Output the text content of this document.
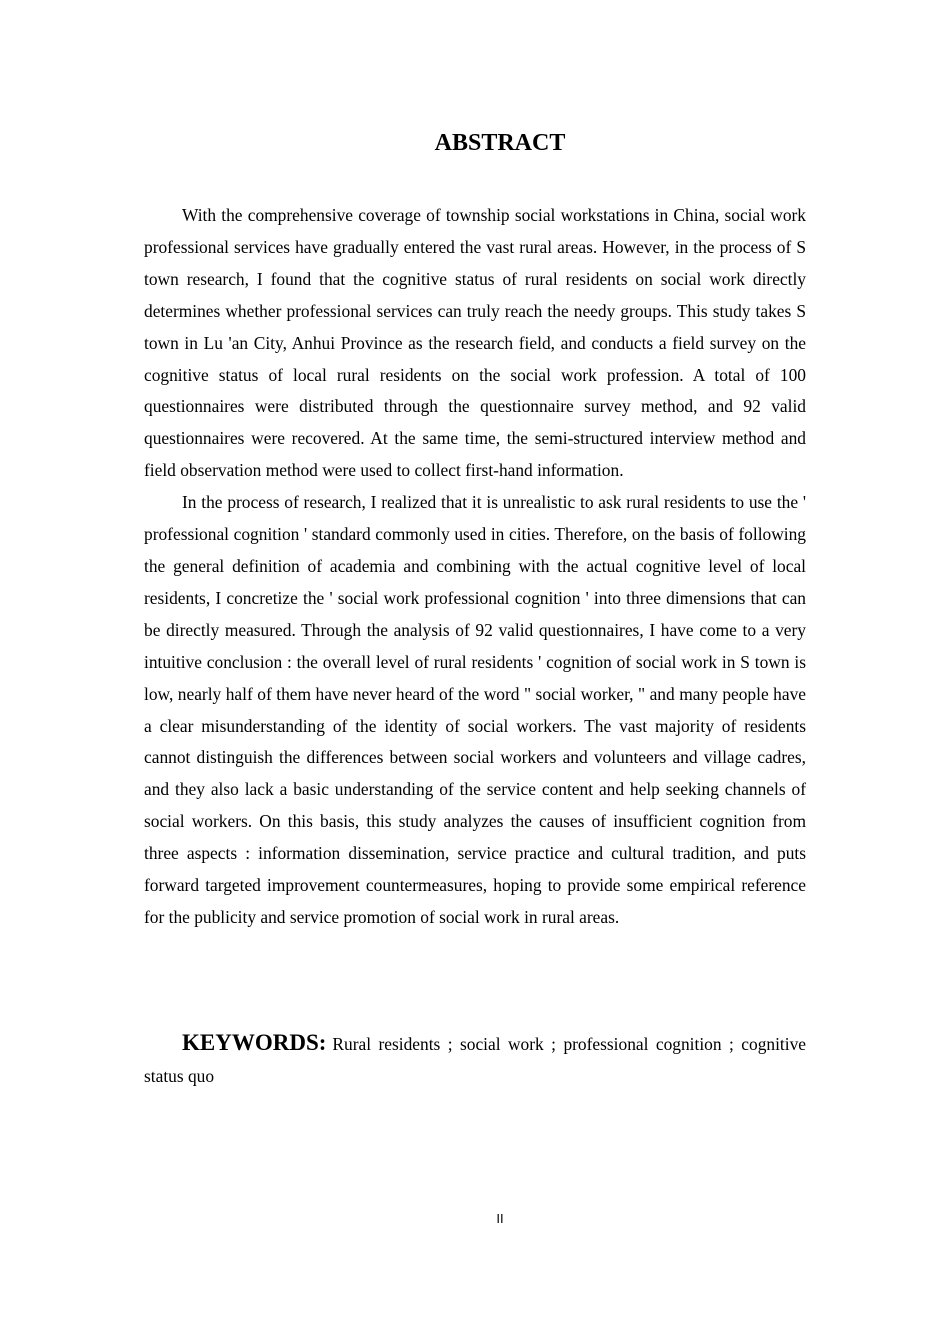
ABSTRACT

With the comprehensive coverage of township social workstations in China, social work professional services have gradually entered the vast rural areas. However, in the process of S town research, I found that the cognitive status of rural residents on social work directly determines whether professional services can truly reach the needy groups. This study takes S town in Lu 'an City, Anhui Province as the research field, and conducts a field survey on the cognitive status of local rural residents on the social work profession. A total of 100 questionnaires were distributed through the questionnaire survey method, and 92 valid questionnaires were recovered. At the same time, the semi-structured interview method and field observation method were used to collect first-hand information.

In the process of research, I realized that it is unrealistic to ask rural residents to use the ' professional cognition ' standard commonly used in cities. Therefore, on the basis of following the general definition of academia and combining with the actual cognitive level of local residents, I concretize the ' social work professional cognition ' into three dimensions that can be directly measured. Through the analysis of 92 valid questionnaires, I have come to a very intuitive conclusion : the overall level of rural residents ' cognition of social work in S town is low, nearly half of them have never heard of the word " social worker, " and many people have a clear misunderstanding of the identity of social workers. The vast majority of residents cannot distinguish the differences between social workers and volunteers and village cadres, and they also lack a basic understanding of the service content and help seeking channels of social workers. On this basis, this study analyzes the causes of insufficient cognition from three aspects : information dissemination, service practice and cultural tradition, and puts forward targeted improvement countermeasures, hoping to provide some empirical reference for the publicity and service promotion of social work in rural areas.

KEYWORDS: Rural residents ; social work ; professional cognition ; cognitive status quo

II
